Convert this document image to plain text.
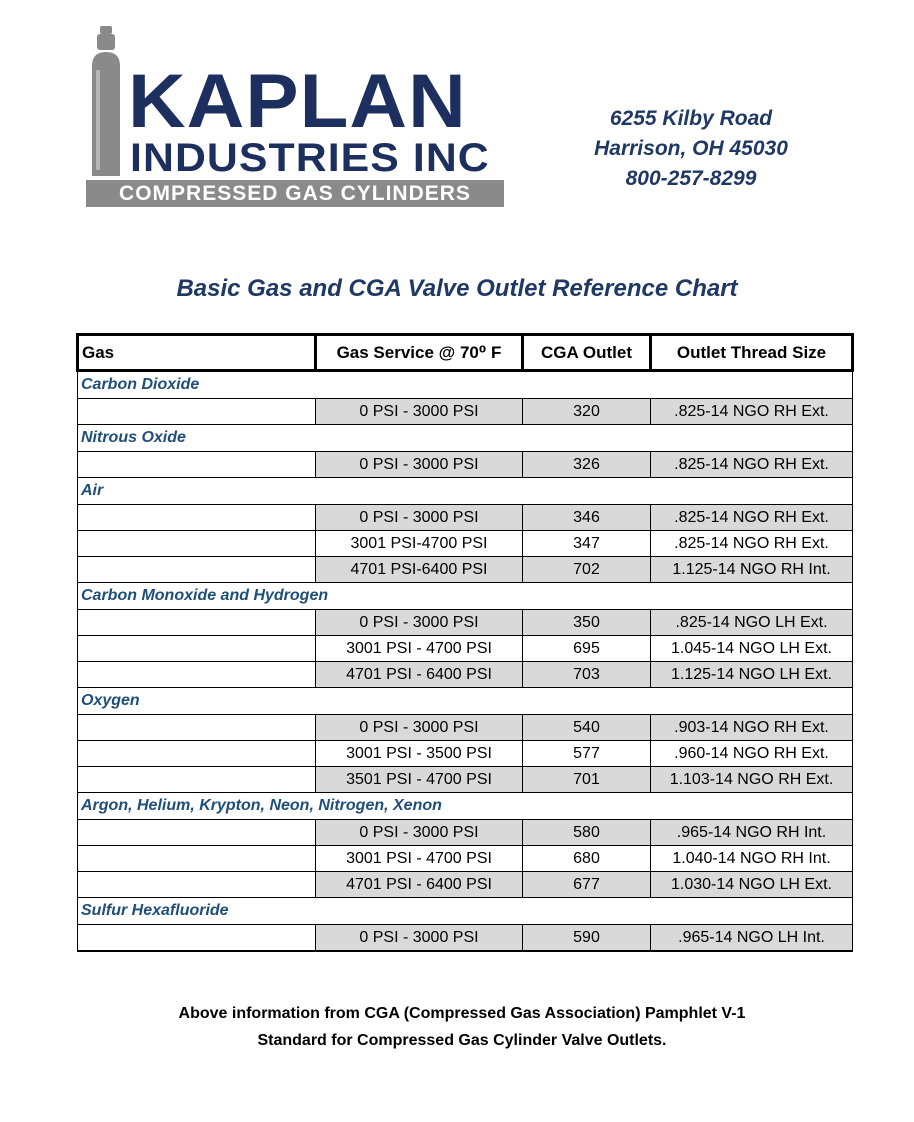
KAPLAN
INDUSTRIES INC
COMPRESSED GAS CYLINDERS
6255 Kilby Road
Harrison, OH 45030
800-257-8299
Basic Gas and CGA Valve Outlet Reference Chart
Gas	Gas Service @ 70⁰ F	CGA Outlet	Outlet Thread Size
Carbon Dioxide			
	0 PSI - 3000 PSI	320	.825-14 NGO RH Ext.
Nitrous Oxide			
	0 PSI - 3000 PSI	326	.825-14 NGO RH Ext.
Air			
	0 PSI - 3000 PSI	346	.825-14 NGO RH Ext.
	3001 PSI-4700 PSI	347	.825-14 NGO RH Ext.
	4701 PSI-6400 PSI	702	1.125-14 NGO RH Int.
Carbon Monoxide and Hydrogen			
	0 PSI - 3000 PSI	350	.825-14 NGO LH Ext.
	3001 PSI - 4700 PSI	695	1.045-14 NGO LH Ext.
	4701 PSI - 6400 PSI	703	1.125-14 NGO LH Ext.
Oxygen			
	0 PSI - 3000 PSI	540	.903-14 NGO RH Ext.
	3001 PSI - 3500 PSI	577	.960-14 NGO RH Ext.
	3501 PSI - 4700 PSI	701	1.103-14 NGO RH Ext.
Argon, Helium, Krypton, Neon, Nitrogen, Xenon			
	0 PSI - 3000 PSI	580	.965-14 NGO RH Int.
	3001 PSI - 4700 PSI	680	1.040-14 NGO RH Int.
	4701 PSI - 6400 PSI	677	1.030-14 NGO LH Ext.
Sulfur Hexafluoride			
	0 PSI - 3000 PSI	590	.965-14 NGO LH Int.
Above information from CGA (Compressed Gas Association) Pamphlet V-1
Standard for Compressed Gas Cylinder Valve Outlets.
